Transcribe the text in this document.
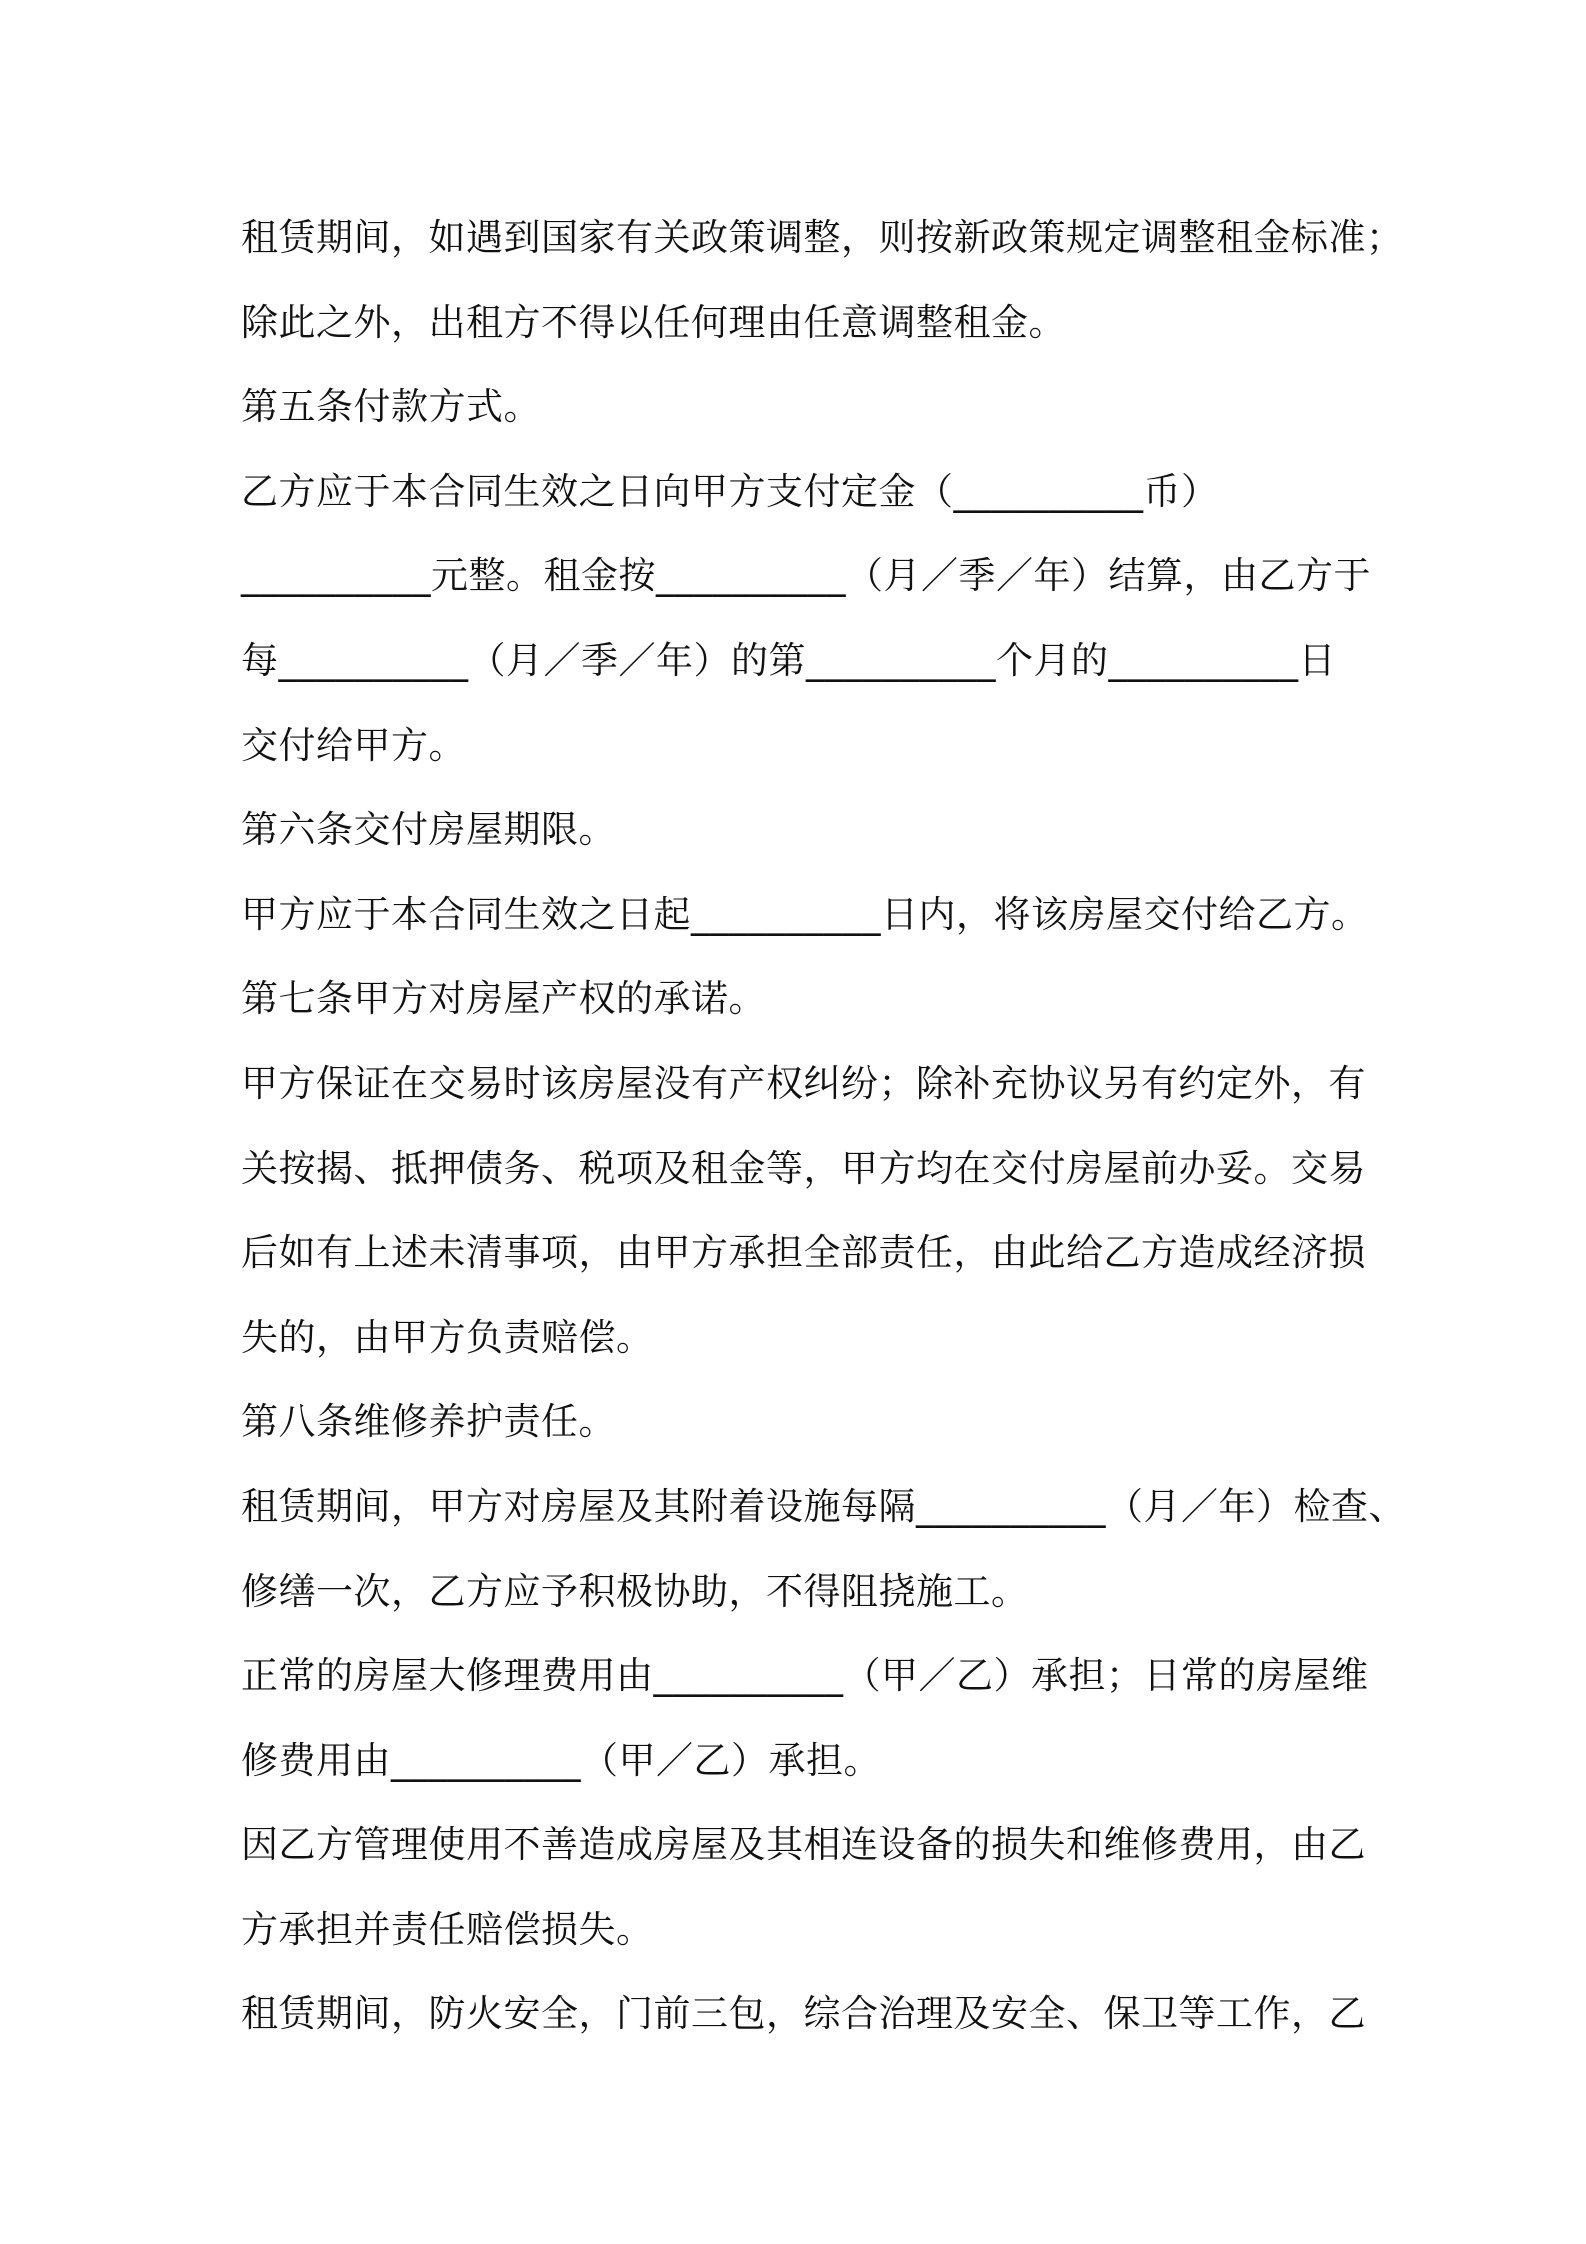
租赁期间，如遇到国家有关政策调整，则按新政策规定调整租金标准；
除此之外，出租方不得以任何理由任意调整租金。
第五条付款方式。
乙方应于本合同生效之日向甲方支付定金（__________币）
__________元整。租金按__________（月／季／年）结算，由乙方于
每__________（月／季／年）的第__________个月的__________日
交付给甲方。
第六条交付房屋期限。
甲方应于本合同生效之日起__________日内，将该房屋交付给乙方。
第七条甲方对房屋产权的承诺。
甲方保证在交易时该房屋没有产权纠纷；除补充协议另有约定外，有
关按揭、抵押债务、税项及租金等，甲方均在交付房屋前办妥。交易
后如有上述未清事项，由甲方承担全部责任，由此给乙方造成经济损
失的，由甲方负责赔偿。
第八条维修养护责任。
租赁期间，甲方对房屋及其附着设施每隔__________（月／年）检查、
修缮一次，乙方应予积极协助，不得阻挠施工。
正常的房屋大修理费用由__________（甲／乙）承担；日常的房屋维
修费用由__________（甲／乙）承担。
因乙方管理使用不善造成房屋及其相连设备的损失和维修费用，由乙
方承担并责任赔偿损失。
租赁期间，防火安全，门前三包，综合治理及安全、保卫等工作，乙
